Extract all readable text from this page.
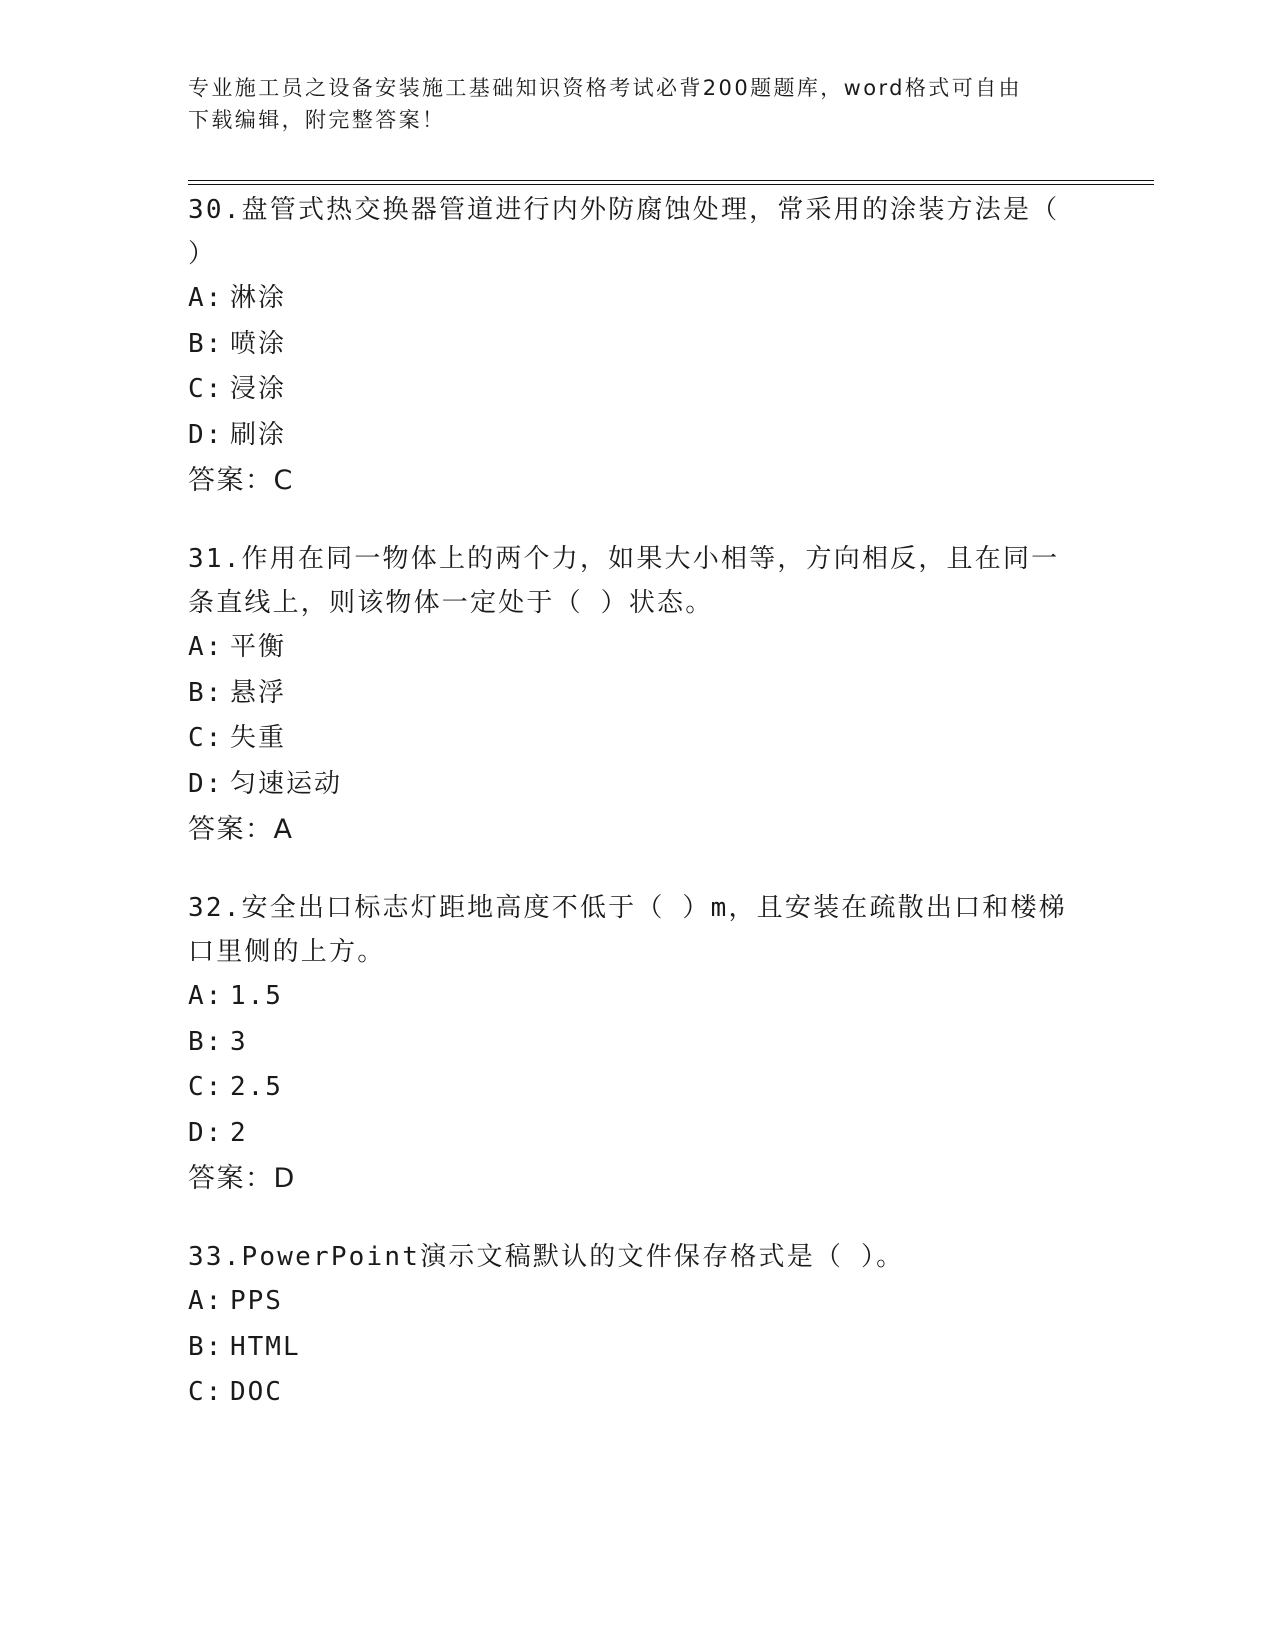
专业施工员之设备安装施工基础知识资格考试必背200题题库，word格式可自由
下载编辑，附完整答案！

30.盘管式热交换器管道进行内外防腐蚀处理，常采用的涂装方法是（

）

A: 淋涂

B: 喷涂

C: 浸涂

D: 刷涂

答案：C

31.作用在同一物体上的两个力，如果大小相等，方向相反，且在同一

条直线上，则该物体一定处于（ ）状态。

A: 平衡

B: 悬浮

C: 失重

D: 匀速运动

答案：A

32.安全出口标志灯距地高度不低于（ ）m，且安装在疏散出口和楼梯

口里侧的上方。

A: 1.5

B: 3

C: 2.5

D: 2

答案：D

33.PowerPoint演示文稿默认的文件保存格式是（ ）。

A: PPS

B: HTML

C: DOC
